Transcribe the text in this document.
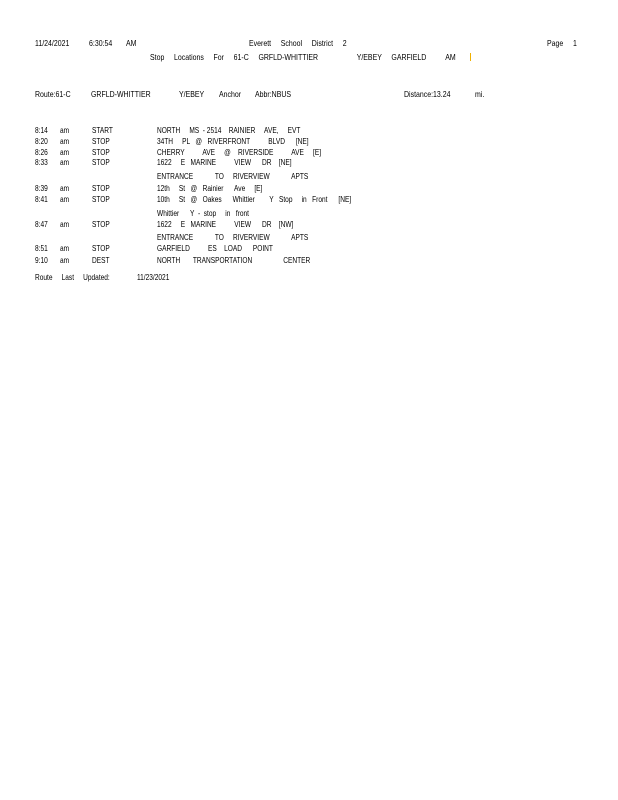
11/24/2021 6:30:54 AM	Everett     School     District     2	Page 1
Stop     Locations     For     61-C     GRFLD-WHITTIER                    Y/EBEY     GARFIELD          AM
Route:61-C GRFLD-WHITTIER	Y/EBEY Anchor Abbr:NBUS	Distance:13.24	mi.
8:14 am	START	NORTH     MS  - 2514    RAINIER     AVE,     EVT
8:20 am	STOP	34TH     PL   @   RIVERFRONT          BLVD      [NE]
8:26 am	STOP	CHERRY          AVE     @    RIVERSIDE          AVE     [E]
8:33 am	STOP	1622     E   MARINE          VIEW      DR    [NE]
ENTRANCE            TO     RIVERVIEW            APTS
8:39 am	STOP	12th     St   @   Rainier      Ave     [E]
8:41 am	STOP	10th     St   @   Oakes      Whittier        Y   Stop     in   Front      [NE]
Whittier      Y  -  stop     in   front
8:47 am	STOP	1622     E   MARINE          VIEW      DR    [NW]
ENTRANCE            TO     RIVERVIEW            APTS
8:51 am	STOP	GARFIELD          ES    LOAD      POINT
9:10 am	DEST	NORTH       TRANSPORTATION                 CENTER
Route     Last     Updated:	11/23/2021
